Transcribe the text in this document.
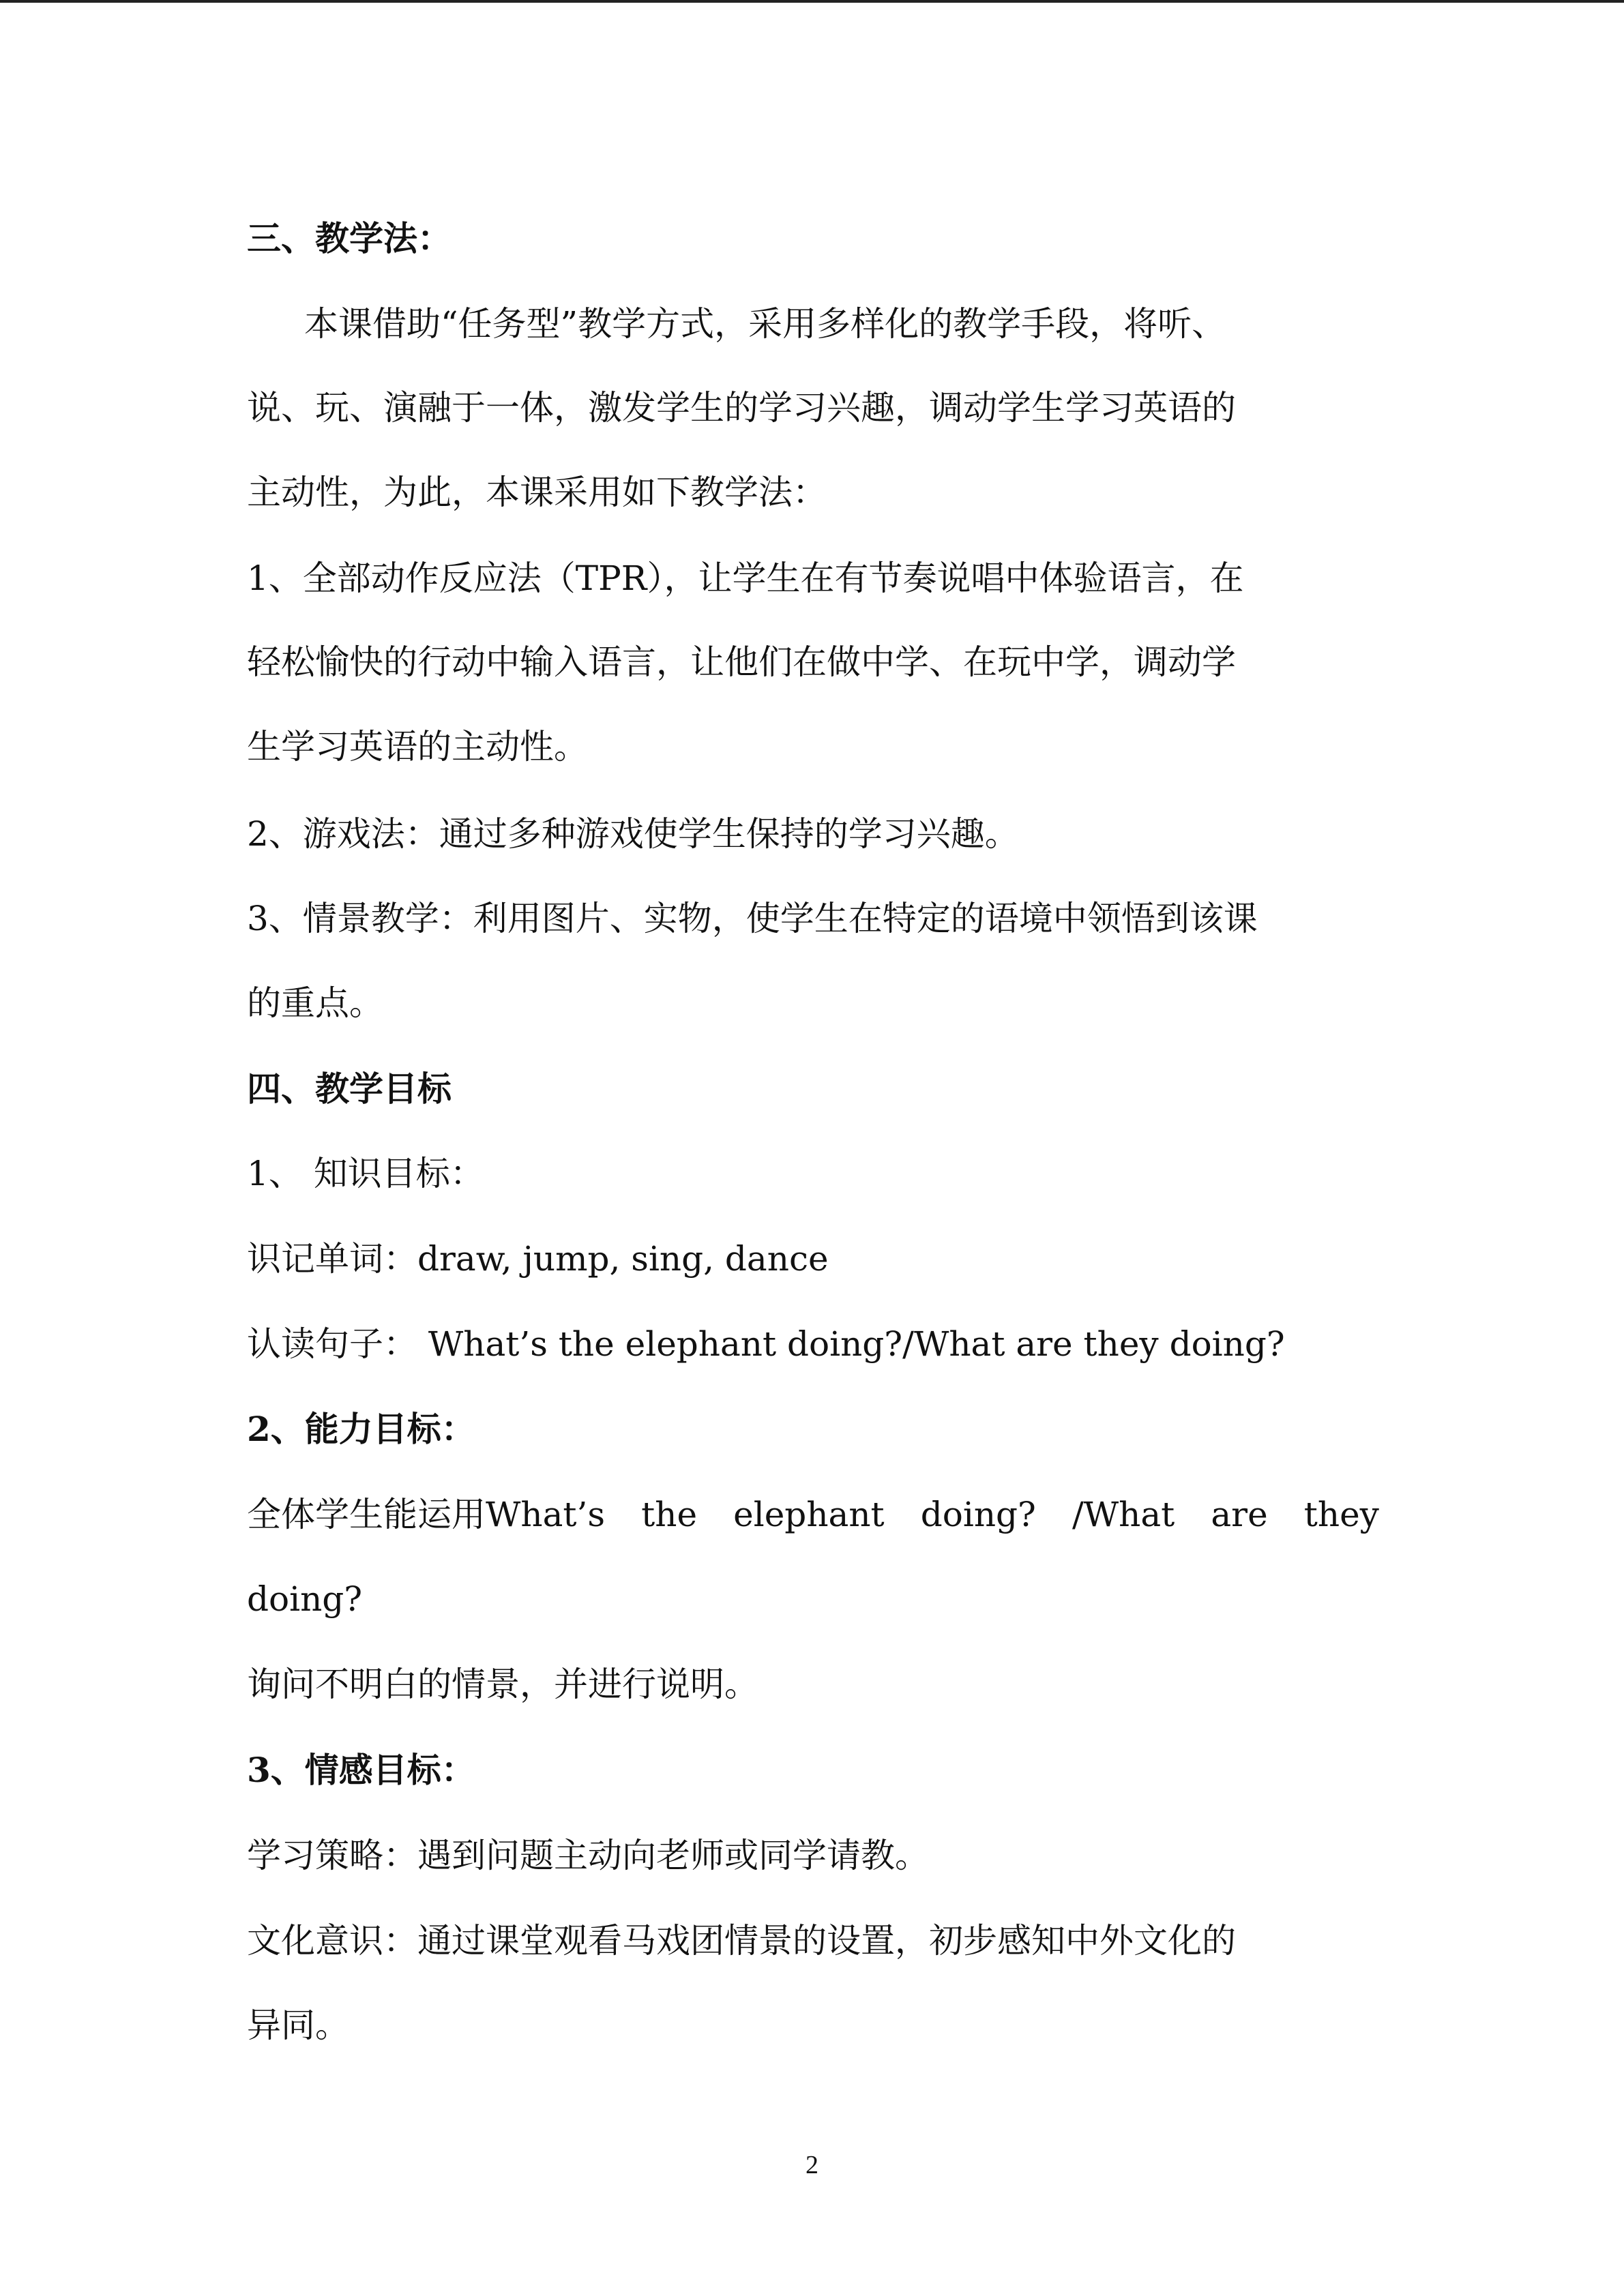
三、教学法：
本课借助“任务型”教学方式，采用多样化的教学手段，将听、
说、玩、演融于一体，激发学生的学习兴趣，调动学生学习英语的
主动性，为此，本课采用如下教学法：
1、全部动作反应法（TPR），让学生在有节奏说唱中体验语言，在
轻松愉快的行动中输入语言，让他们在做中学、在玩中学，调动学
生学习英语的主动性。
2、游戏法：通过多种游戏使学生保持的学习兴趣。
3、情景教学：利用图片、实物，使学生在特定的语境中领悟到该课
的重点。
四、教学目标
1、 知识目标：
识记单词：draw, jump, sing, dance
认读句子： What’s the elephant doing?/What are they doing?
2、能力目标：
全体学生能运用What’s the elephant doing? /What are they
doing?
询问不明白的情景，并进行说明。
3、情感目标：
学习策略：遇到问题主动向老师或同学请教。
文化意识：通过课堂观看马戏团情景的设置，初步感知中外文化的
异同。
2
